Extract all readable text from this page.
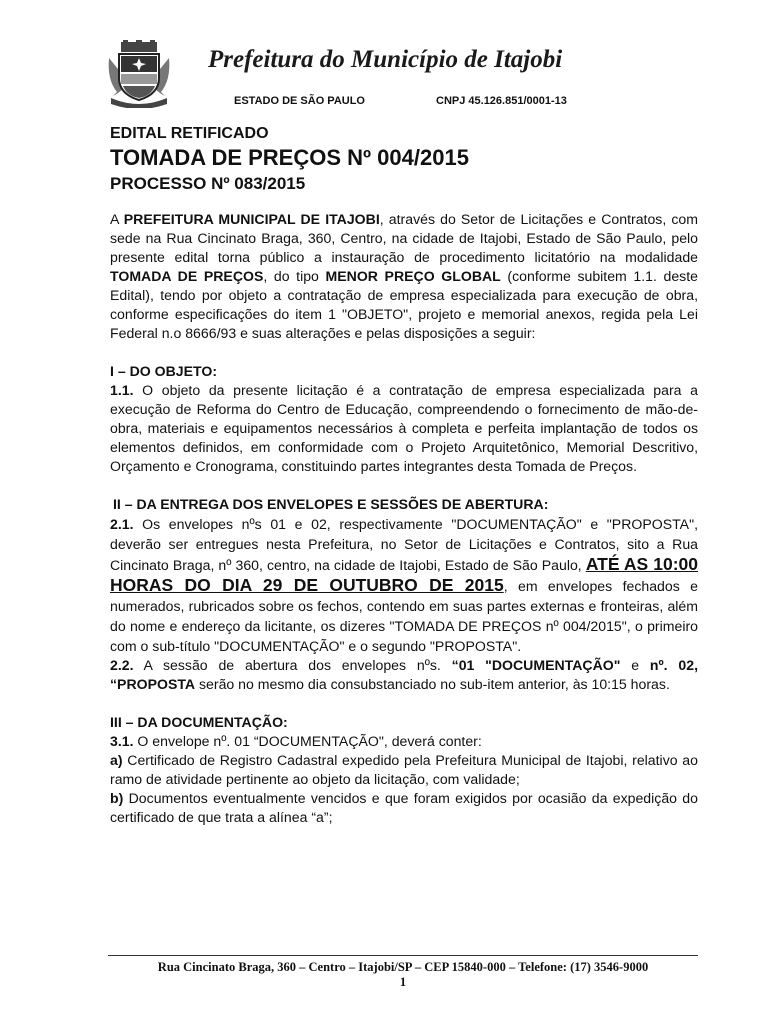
Prefeitura do Município de Itajobi
ESTADO DE SÃO PAULO	CNPJ 45.126.851/0001-13
EDITAL RETIFICADO
TOMADA DE PREÇOS Nº 004/2015
PROCESSO Nº 083/2015

A PREFEITURA MUNICIPAL DE ITAJOBI, através do Setor de Licitações e Contratos, com sede na Rua Cincinato Braga, 360, Centro, na cidade de Itajobi, Estado de São Paulo, pelo presente edital torna público a instauração de procedimento licitatório na modalidade TOMADA DE PREÇOS, do tipo MENOR PREÇO GLOBAL (conforme subitem 1.1. deste Edital), tendo por objeto a contratação de empresa especializada para execução de obra, conforme especificações do item 1 "OBJETO", projeto e memorial anexos, regida pela Lei Federal n.o 8666/93 e suas alterações e pelas disposições a seguir:

I – DO OBJETO:

1.1. O objeto da presente licitação é a contratação de empresa especializada para a execução de Reforma do Centro de Educação, compreendendo o fornecimento de mão-de-obra, materiais e equipamentos necessários à completa e perfeita implantação de todos os elementos definidos, em conformidade com o Projeto Arquitetônico, Memorial Descritivo, Orçamento e Cronograma, constituindo partes integrantes desta Tomada de Preços.

II – DA ENTREGA DOS ENVELOPES E SESSÕES DE ABERTURA:

2.1. Os envelopes nºs 01 e 02, respectivamente "DOCUMENTAÇÃO" e "PROPOSTA", deverão ser entregues nesta Prefeitura, no Setor de Licitações e Contratos, sito a Rua Cincinato Braga, nº 360, centro, na cidade de Itajobi, Estado de São Paulo, ATÉ AS 10:00 HORAS DO DIA 29 DE OUTUBRO DE 2015, em envelopes fechados e numerados, rubricados sobre os fechos, contendo em suas partes externas e fronteiras, além do nome e endereço da licitante, os dizeres "TOMADA DE PREÇOS nº 004/2015", o primeiro com o sub-título "DOCUMENTAÇÃO" e o segundo "PROPOSTA".

2.2. A sessão de abertura dos envelopes nºs. “01 "DOCUMENTAÇÃO" e nº. 02, “PROPOSTA serão no mesmo dia consubstanciado no sub-item anterior, às 10:15 horas.

III – DA DOCUMENTAÇÃO:

3.1. O envelope nº. 01 “DOCUMENTAÇÃO", deverá conter:

a) Certificado de Registro Cadastral expedido pela Prefeitura Municipal de Itajobi, relativo ao ramo de atividade pertinente ao objeto da licitação, com validade;

b) Documentos eventualmente vencidos e que foram exigidos por ocasião da expedição do certificado de que trata a alínea “a”;

Rua Cincinato Braga, 360 – Centro – Itajobi/SP – CEP 15840-000 – Telefone: (17) 3546-9000
1
